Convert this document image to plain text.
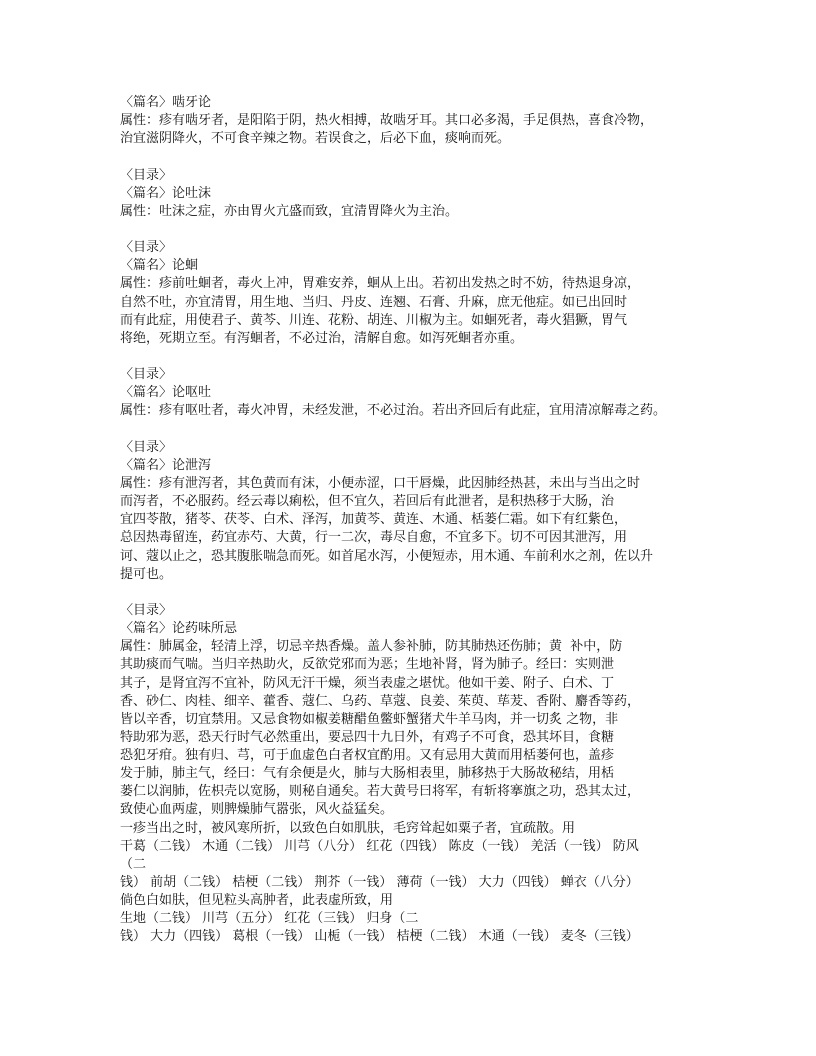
〈篇名〉啮牙论
属性：疹有啮牙者，是阳陷于阴，热火相搏，故啮牙耳。其口必多渴，手足俱热，喜食冷物，
治宜滋阴降火，不可食辛辣之物。若误食之，后必下血，痰响而死。
〈目录〉
〈篇名〉论吐沫
属性：吐沫之症，亦由胃火亢盛而致，宜清胃降火为主治。
〈目录〉
〈篇名〉论蛔
属性：疹前吐蛔者，毒火上冲，胃难安养，蛔从上出。若初出发热之时不妨，待热退身凉，
自然不吐，亦宜清胃，用生地、当归、丹皮、连翘、石膏、升麻，庶无他症。如已出回时
而有此症，用使君子、黄芩、川连、花粉、胡连、川椒为主。如蛔死者，毒火猖獗，胃气
将绝，死期立至。有泻蛔者，不必过治，清解自愈。如泻死蛔者亦重。
〈目录〉
〈篇名〉论呕吐
属性：疹有呕吐者，毒火冲胃，未经发泄，不必过治。若出齐回后有此症，宜用清凉解毒之药。
〈目录〉
〈篇名〉论泄泻
属性：疹有泄泻者，其色黄而有沫，小便赤涩，口干唇燥，此因肺经热甚，未出与当出之时
而泻者，不必服药。经云毒以痢松，但不宜久，若回后有此泄者，是积热移于大肠，治
宜四苓散，猪苓、茯苓、白术、泽泻，加黄芩、黄连、木通、栝蒌仁霜。如下有红紫色，
总因热毒留连，药宜赤芍、大黄，行一二次，毒尽自愈，不宜多下。切不可因其泄泻，用
诃、蔻以止之，恐其腹胀喘急而死。如首尾水泻，小便短赤，用木通、车前利水之剂，佐以升
提可也。
〈目录〉
〈篇名〉论药味所忌
属性：肺属金，轻清上浮，切忌辛热香燥。盖人参补肺，防其肺热还伤肺；黄  补中，防
其助痰而气喘。当归辛热助火，反欲党邪而为恶；生地补肾，肾为肺子。经曰：实则泄
其子，是肾宜泻不宜补，防风无汗干燥，须当表虚之堪忧。他如干姜、附子、白术、丁
香、砂仁、肉桂、细辛、藿香、蔻仁、乌药、草蔻、良姜、茱萸、荜茇、香附、麝香等药，
皆以辛香，切宜禁用。又忌食物如椒姜糖醋鱼鳖虾蟹猪犬牛羊马肉，并一切炙 之物，非
特助邪为恶，恐天行时气必然重出，要忌四十九日外，有鸡子不可食，恐其坏目，食糖
恐犯牙疳。独有归、芎，可于血虚色白者权宜酌用。又有忌用大黄而用栝蒌何也，盖疹
发于肺，肺主气，经曰：气有余便是火，肺与大肠相表里，肺移热于大肠故秘结，用栝
蒌仁以润肺，佐枳壳以宽肠，则秘自通矣。若大黄号曰将军，有斩将搴旗之功，恐其太过，
致使心血两虚，则脾燥肺气嚣张，风火益猛矣。
一疹当出之时，被风寒所折，以致色白如肌肤，毛窍耸起如粟子者，宜疏散。用
干葛（二钱） 木通（二钱） 川芎（八分） 红花（四钱） 陈皮（一钱） 羌活（一钱） 防风
（二
钱） 前胡（二钱） 桔梗（二钱） 荆芥（一钱） 薄荷（一钱） 大力（四钱） 蝉衣（八分）
倘色白如肤，但见粒头高肿者，此表虚所致，用
生地（二钱） 川芎（五分） 红花（三钱） 归身（二
钱） 大力（四钱） 葛根（一钱） 山栀（一钱） 桔梗（二钱） 木通（一钱） 麦冬（三钱）
